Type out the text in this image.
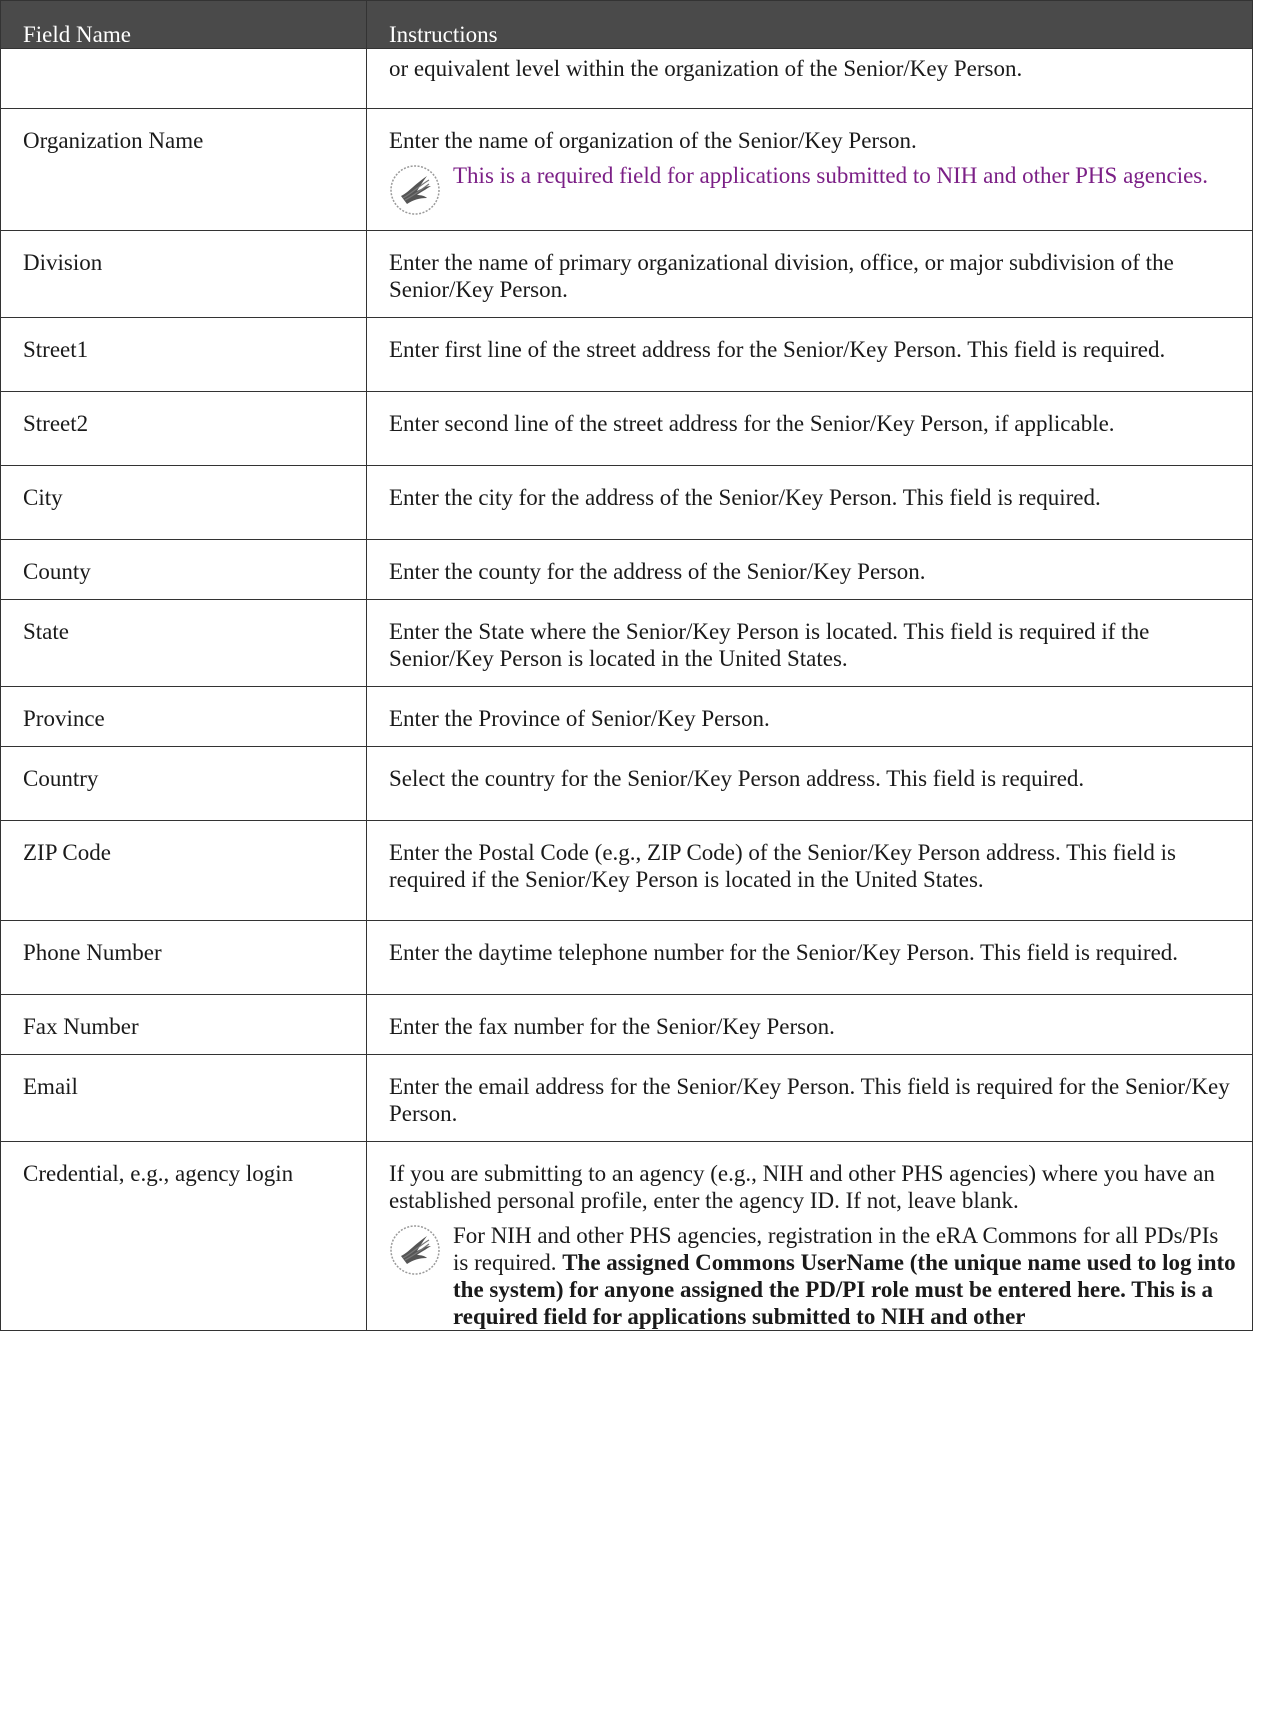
Field Name	Instructions
	or equivalent level within the organization of the Senior/Key Person.
Organization Name	Enter the name of organization of the Senior/Key Person.
This is a required field for applications submitted to NIH and other PHS agencies.

Division	Enter the name of primary organizational division, office, or major subdivision of the Senior/Key Person.
Street1	Enter first line of the street address for the Senior/Key Person. This field is required.
Street2	Enter second line of the street address for the Senior/Key Person, if applicable.
City	Enter the city for the address of the Senior/Key Person. This field is required.
County	Enter the county for the address of the Senior/Key Person.
State	Enter the State where the Senior/Key Person is located. This field is required if the Senior/Key Person is located in the United States.
Province	Enter the Province of Senior/Key Person.
Country	Select the country for the Senior/Key Person address. This field is required.
ZIP Code	Enter the Postal Code (e.g., ZIP Code) of the Senior/Key Person address. This field is required if the Senior/Key Person is located in the United States.
Phone Number	Enter the daytime telephone number for the Senior/Key Person. This field is required.
Fax Number	Enter the fax number for the Senior/Key Person.
Email	Enter the email address for the Senior/Key Person. This field is required for the Senior/Key Person.
Credential, e.g., agency login	If you are submitting to an agency (e.g., NIH and other PHS agencies) where you have an established personal profile, enter the agency ID. If not, leave blank.
For NIH and other PHS agencies, registration in the eRA Commons for all PDs/PIs is required. The assigned Commons UserName (the unique name used to log into the system) for anyone assigned the PD/PI role must be entered here. This is a required field for applications submitted to NIH and other
